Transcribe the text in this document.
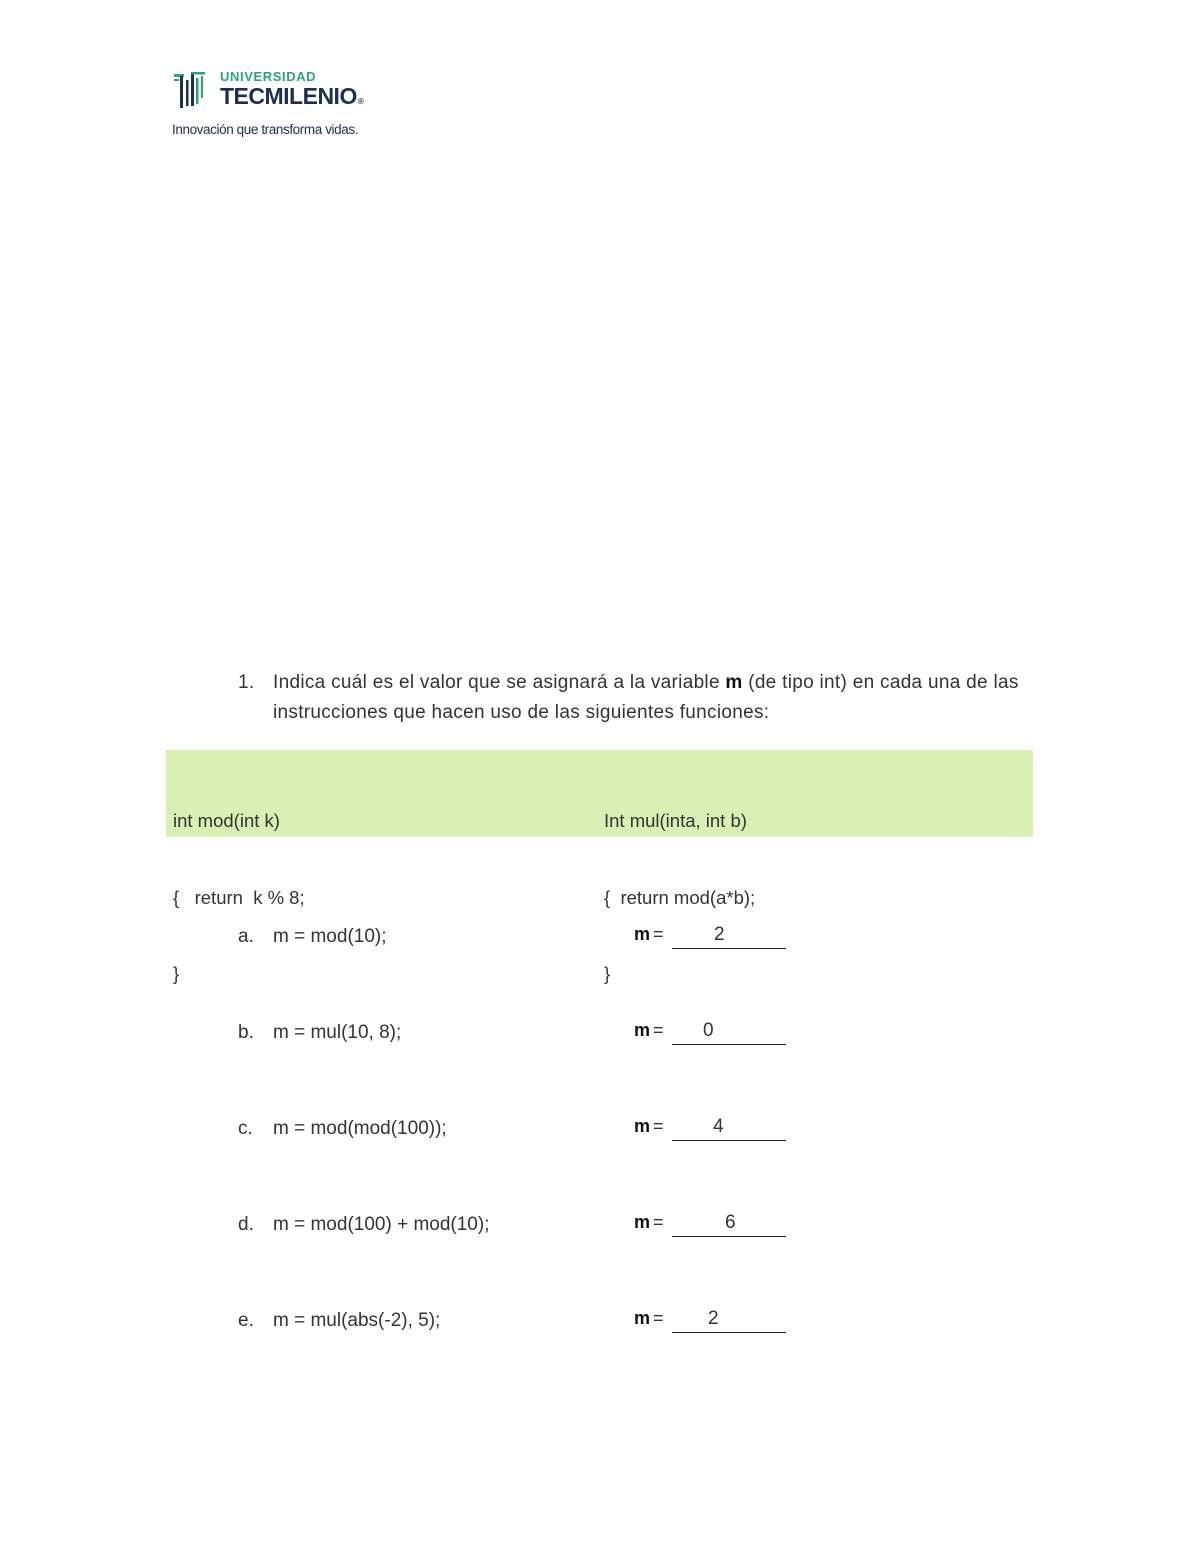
UNIVERSIDAD
TECMILENIO®
Innovación que transforma vidas.
1. Indica cuál es el valor que se asignará a la variable m (de tipo int) en cada una de las instrucciones que hacen uso de las siguientes funciones:

int mod(int k)

{   return  k % 8;

}

Int mul(inta, int b)

{  return mod(a*b);

}

a. m = mod(10);	m =	2
b. m = mul(10, 8);	m = 0
c. m = mod(mod(100));	m =	4
d. m = mod(100) + mod(10);	m =	6
e. m = mul(abs(-2), 5);	m = 2
